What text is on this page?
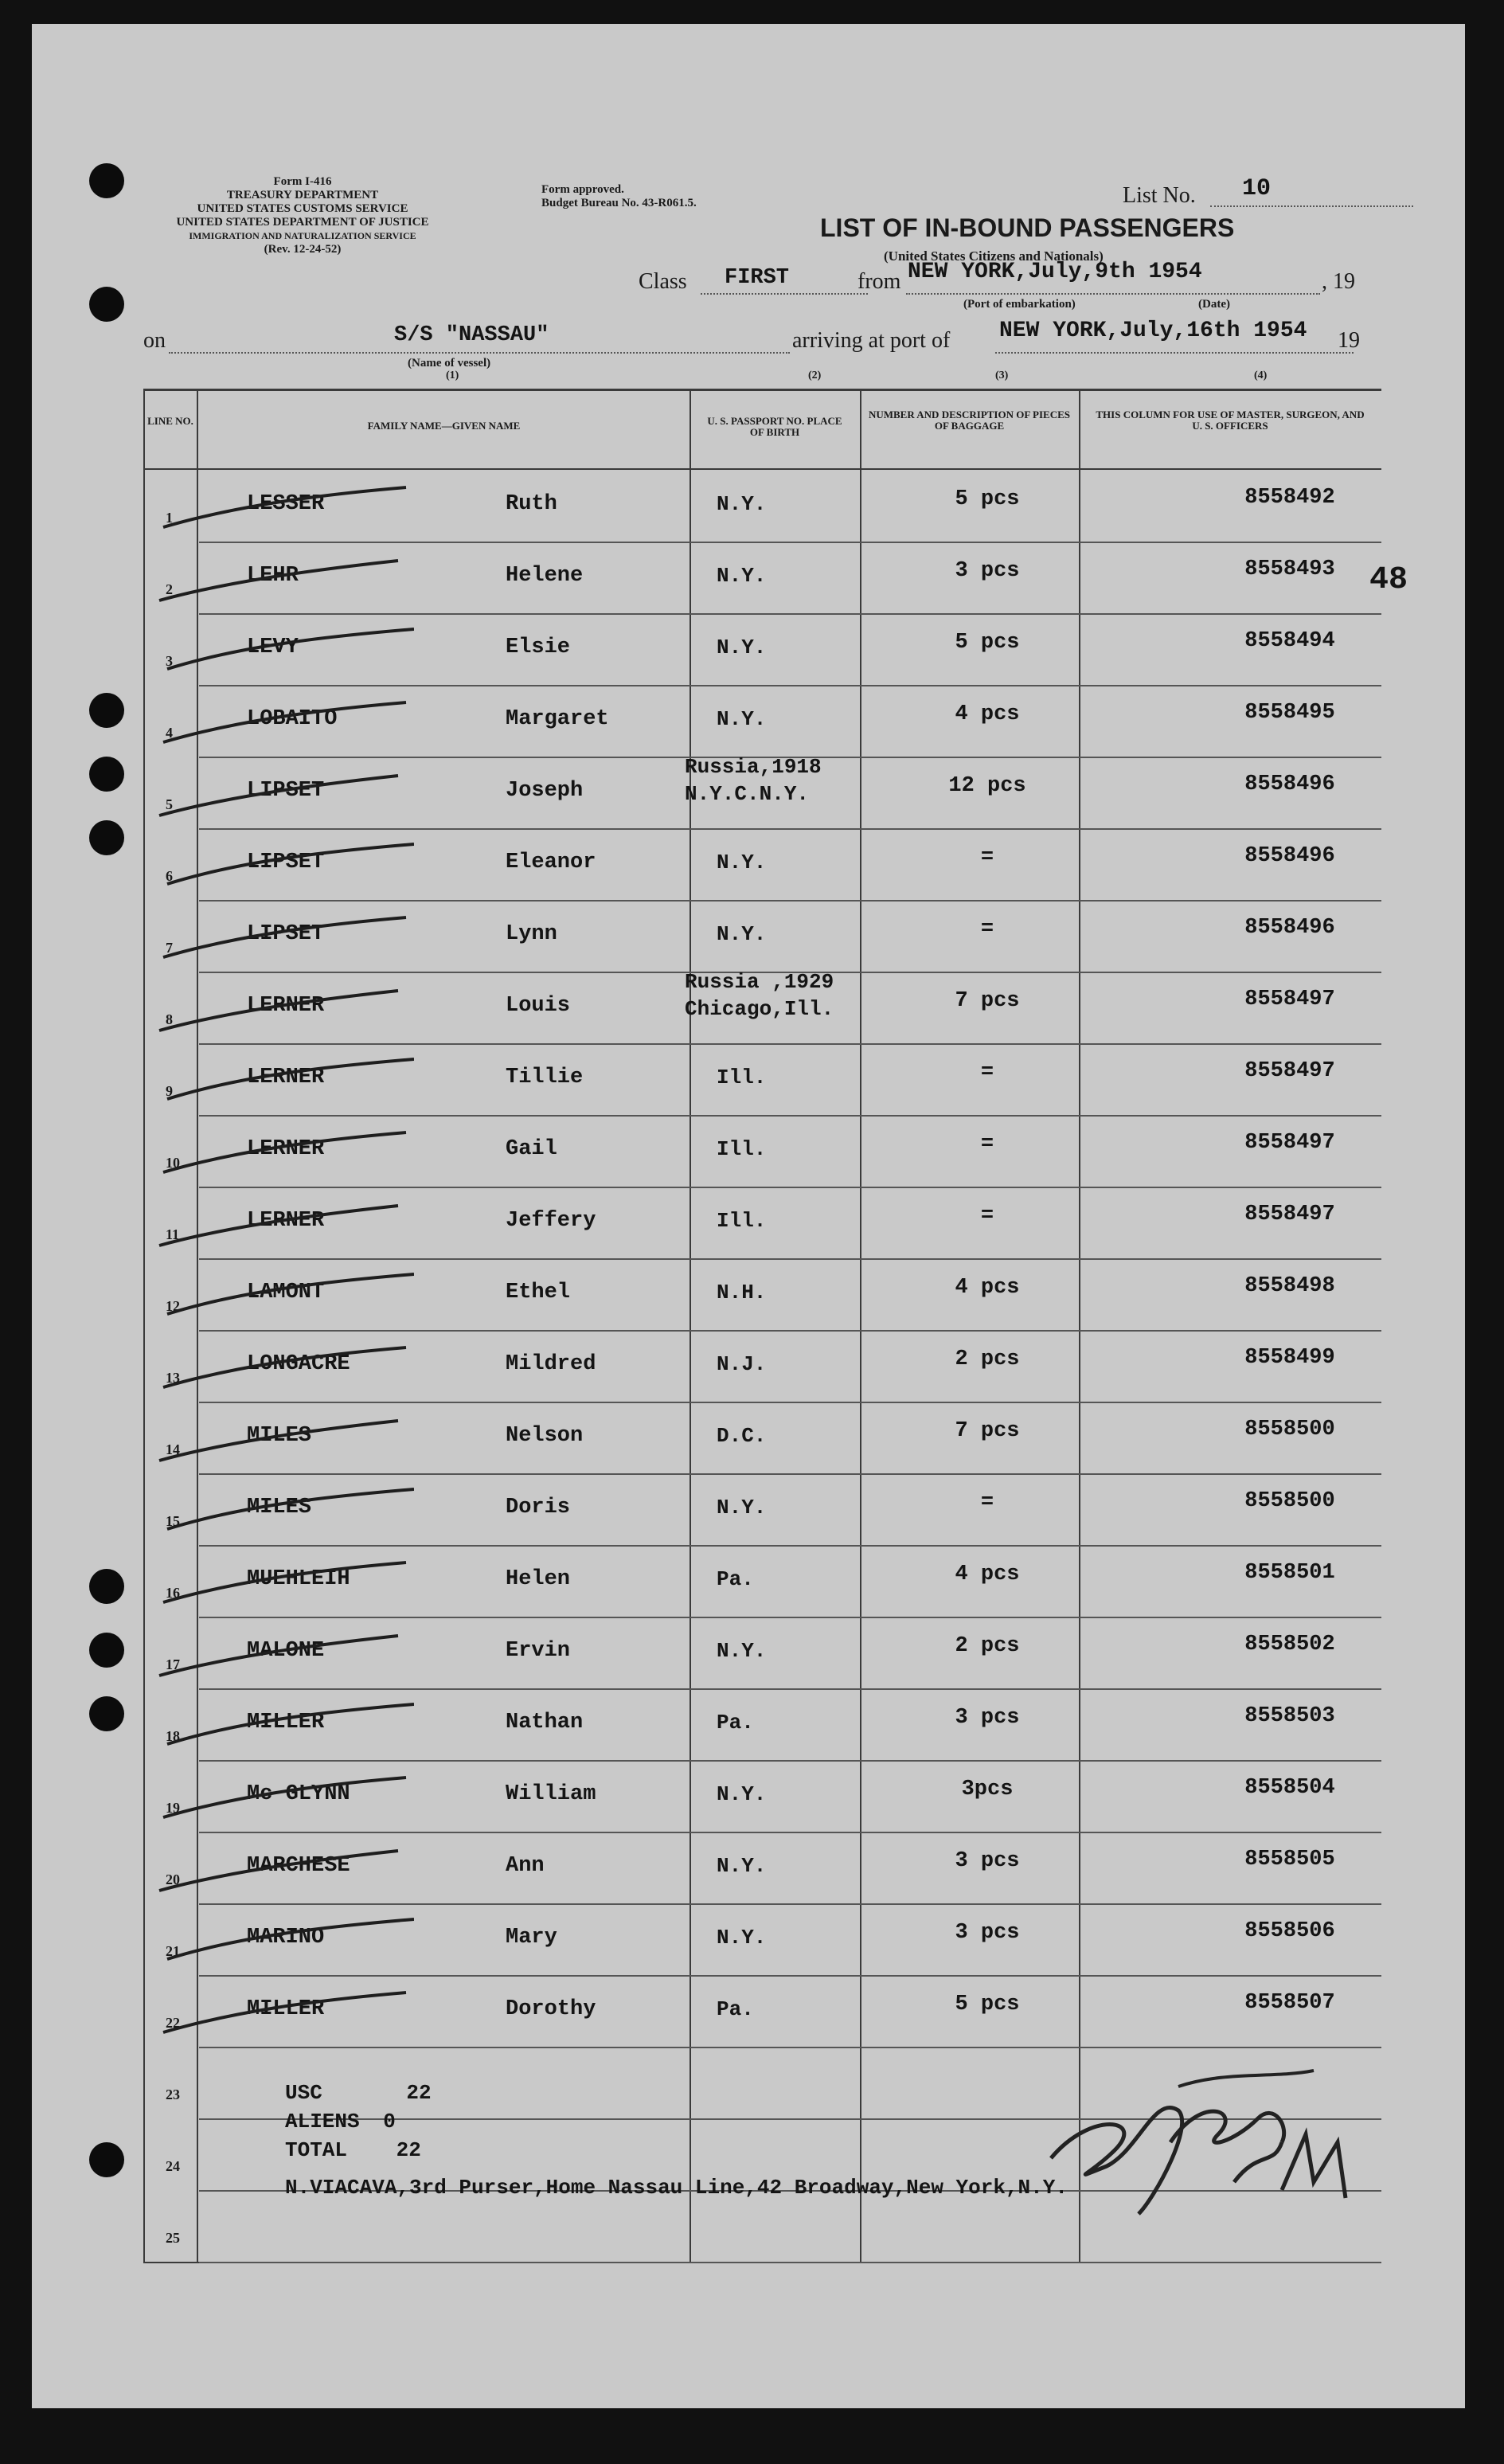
Form I-416
TREASURY DEPARTMENT
UNITED STATES CUSTOMS SERVICE
UNITED STATES DEPARTMENT OF JUSTICE
IMMIGRATION AND NATURALIZATION SERVICE
(Rev. 12-24-52)
Form approved.
Budget Bureau No. 43-R061.5.	List No. 10
LIST OF IN-BOUND PASSENGERS
(United States Citizens and Nationals)
Class FIRST	from NEW YORK,July,9th 1954	, 19
(Port of embarkation)	(Date)
on	S/S "NASSAU"
(Name of vessel)
(1)
arriving at port of NEW YORK,July,16th 1954 19
(2)	(3)	(4)
48
LINE NO.	FAMILY NAME—GIVEN NAME	U. S. PASSPORT NO. PLACE OF BIRTH
NUMBER AND DESCRIPTION OF PIECES OF BAGGAGE
THIS COLUMN FOR USE OF MASTER, SURGEON, AND U. S. OFFICERS
1
LESSER	Ruth	N.Y.	5 pcs	8558492
2
LEHR	Helene	N.Y.	3 pcs	8558493
3
LEVY	Elsie	N.Y.	5 pcs	8558494
4
LOBAITO	Margaret	N.Y.	4 pcs	8558495
5
LIPSET	Joseph
Russia,1918
N.Y.C.N.Y.	12 pcs	8558496
6
LIPSET	Eleanor	N.Y.	=	8558496
7
LIPSET	Lynn	N.Y.	=	8558496
8
LERNER	Louis
Russia ,1929
Chicago,Ill.	7 pcs	8558497
9
LERNER	Tillie	Ill.	=	8558497
10
LERNER	Gail	Ill.	=	8558497
11
LERNER	Jeffery	Ill.	=	8558497
12
LAMONT	Ethel	N.H.	4 pcs	8558498
13
LONGACRE	Mildred	N.J.	2 pcs	8558499
14
MILES	Nelson	D.C.	7 pcs	8558500
15
MILES	Doris	N.Y.	=	8558500
16
MUEHLEIH	Helen	Pa.	4 pcs	8558501
17
MALONE	Ervin	N.Y.	2 pcs	8558502
18
MILLER	Nathan	Pa.	3 pcs	8558503
19
Mc GLYNN	William	N.Y.	3pcs	8558504
20
MARCHESE	Ann	N.Y.	3 pcs	8558505
21
MARINO	Mary	N.Y.	3 pcs	8558506
22
MILLER	Dorothy	Pa.	5 pcs	8558507
23
24
25
USC	22
ALIENS 0
TOTAL 22
N.VIACAVA,3rd Purser,Home Nassau Line,42 Broadway,New York,N.Y.
